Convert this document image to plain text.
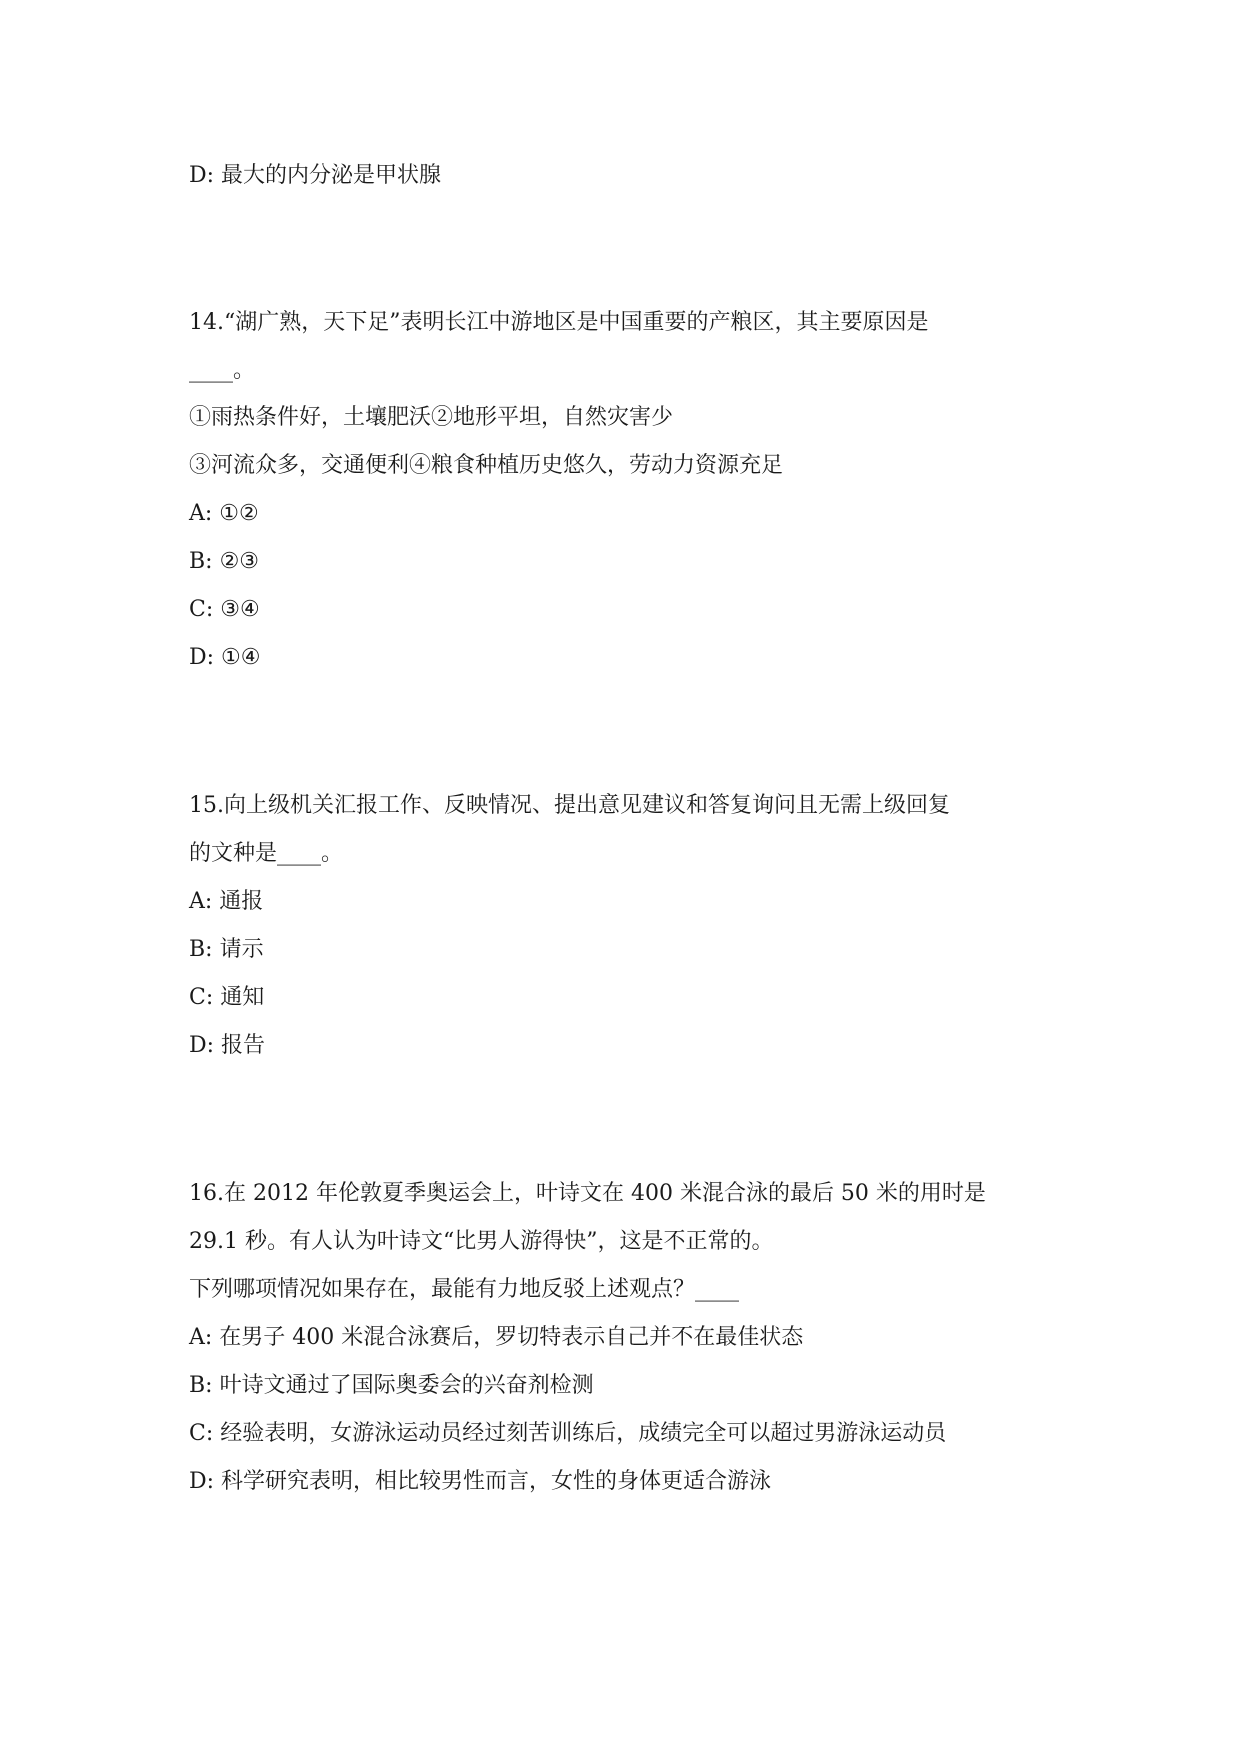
D: 最大的内分泌是甲状腺
14.“湖广熟，天下足”表明长江中游地区是中国重要的产粮区，其主要原因是
____。
①雨热条件好，土壤肥沃②地形平坦，自然灾害少
③河流众多，交通便利④粮食种植历史悠久，劳动力资源充足
A: ①②
B: ②③
C: ③④
D: ①④
15.向上级机关汇报工作、反映情况、提出意见建议和答复询问且无需上级回复
的文种是____。
A: 通报
B: 请示
C: 通知
D: 报告
16.在 2012 年伦敦夏季奥运会上，叶诗文在 400 米混合泳的最后 50 米的用时是
29.1 秒。有人认为叶诗文“比男人游得快”，这是不正常的。
下列哪项情况如果存在，最能有力地反驳上述观点？____
A: 在男子 400 米混合泳赛后，罗切特表示自己并不在最佳状态
B: 叶诗文通过了国际奥委会的兴奋剂检测
C: 经验表明，女游泳运动员经过刻苦训练后，成绩完全可以超过男游泳运动员
D: 科学研究表明，相比较男性而言，女性的身体更适合游泳
